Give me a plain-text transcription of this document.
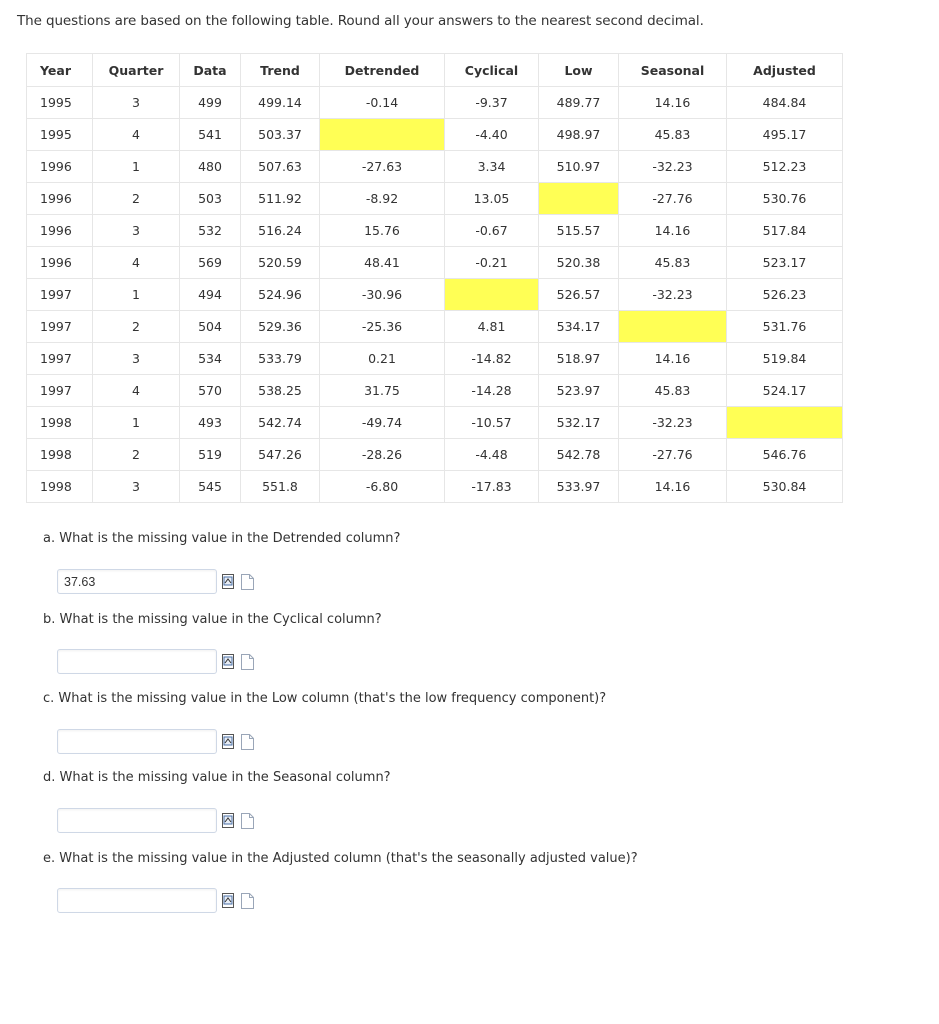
The questions are based on the following table. Round all your answers to the nearest second decimal.
Year	Quarter	Data	Trend	Detrended	Cyclical	Low	Seasonal	Adjusted
1995	3	499	499.14	-0.14	-9.37	489.77	14.16	484.84
1995	4	541	503.37		-4.40	498.97	45.83	495.17
1996	1	480	507.63	-27.63	3.34	510.97	-32.23	512.23
1996	2	503	511.92	-8.92	13.05		-27.76	530.76
1996	3	532	516.24	15.76	-0.67	515.57	14.16	517.84
1996	4	569	520.59	48.41	-0.21	520.38	45.83	523.17
1997	1	494	524.96	-30.96		526.57	-32.23	526.23
1997	2	504	529.36	-25.36	4.81	534.17		531.76
1997	3	534	533.79	0.21	-14.82	518.97	14.16	519.84
1997	4	570	538.25	31.75	-14.28	523.97	45.83	524.17
1998	1	493	542.74	-49.74	-10.57	532.17	-32.23	
1998	2	519	547.26	-28.26	-4.48	542.78	-27.76	546.76
1998	3	545	551.8	-6.80	-17.83	533.97	14.16	530.84
a. What is the missing value in the Detrended column?
37.63
b. What is the missing value in the Cyclical column?
c. What is the missing value in the Low column (that's the low frequency component)?
d. What is the missing value in the Seasonal column?
e. What is the missing value in the Adjusted column (that's the seasonally adjusted value)?
